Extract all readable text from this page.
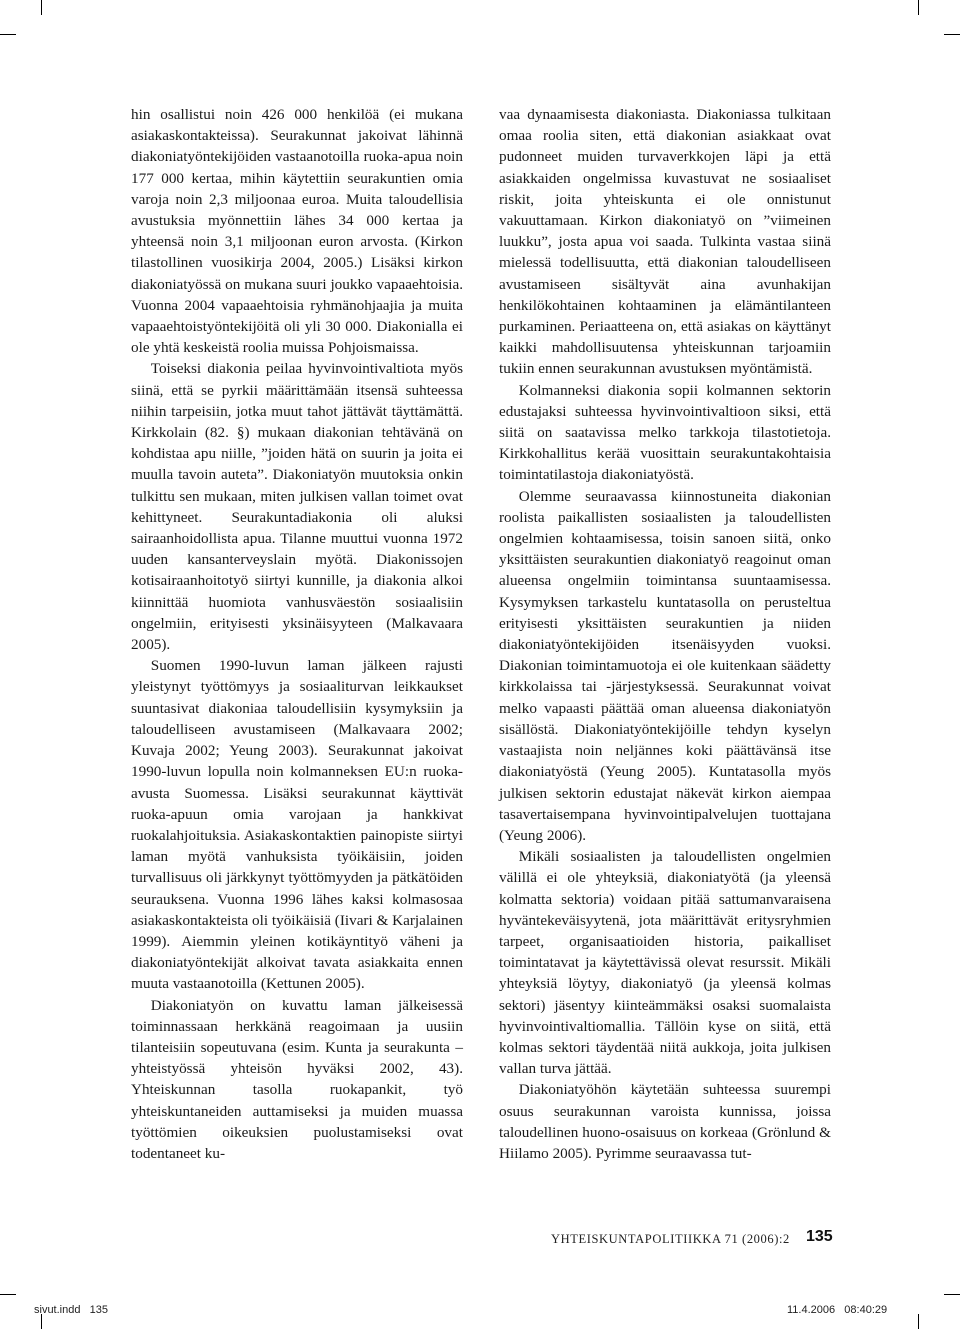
hin osallistui noin 426 000 henkilöä (ei mukana asiakaskontakteissa). Seurakunnat jakoivat lähinnä diakoniatyöntekijöiden vastaanotoilla ruoka-apua noin 177 000 kertaa, mihin käytettiin seurakuntien omia varoja noin 2,3 miljoonaa euroa. Muita taloudellisia avustuksia myönnettiin lähes 34 000 kertaa ja yhteensä noin 3,1 miljoonan euron arvosta. (Kirkon tilastollinen vuosikirja 2004, 2005.) Lisäksi kirkon diakoniatyössä on mukana suuri joukko vapaaehtoisia. Vuonna 2004 vapaaehtoisia ryhmänohjaajia ja muita vapaaehtoistyöntekijöitä oli yli 30 000. Diakonialla ei ole yhtä keskeistä roolia muissa Pohjoismaissa.

Toiseksi diakonia peilaa hyvinvointivaltiota myös siinä, että se pyrkii määrittämään itsensä suhteessa niihin tarpeisiin, jotka muut tahot jättävät täyttämättä. Kirkkolain (82. §) mukaan diakonian tehtävänä on kohdistaa apu niille, ”joiden hätä on suurin ja joita ei muulla tavoin auteta”. Diakoniatyön muutoksia onkin tulkittu sen mukaan, miten julkisen vallan toimet ovat kehittyneet. Seurakuntadiakonia oli aluksi sairaanhoidollista apua. Tilanne muuttui vuonna 1972 uuden kansanterveyslain myötä. Diakonissojen kotisairaanhoitotyö siirtyi kunnille, ja diakonia alkoi kiinnittää huomiota vanhusväestön sosiaalisiin ongelmiin, erityisesti yksinäisyyteen (Malkavaara 2005).

Suomen 1990-luvun laman jälkeen rajusti yleistynyt työttömyys ja sosiaaliturvan leikkaukset suuntasivat diakoniaa taloudellisiin kysymyksiin ja taloudelliseen avustamiseen (Malkavaara 2002; Kuvaja 2002; Yeung 2003). Seurakunnat jakoivat 1990-luvun lopulla noin kolmanneksen EU:n ruoka-avusta Suomessa. Lisäksi seurakunnat käyttivät ruoka-apuun omia varojaan ja hankkivat ruokalahjoituksia. Asiakaskontaktien painopiste siirtyi laman myötä vanhuksista työikäisiin, joiden turvallisuus oli järkkynyt työttömyyden ja pätkätöiden seurauksena. Vuonna 1996 lähes kaksi kolmasosaa asiakaskontakteista oli työikäisiä (Iivari & Karjalainen 1999). Aiemmin yleinen kotikäyntityö väheni ja diakoniatyöntekijät alkoivat tavata asiakkaita ennen muuta vastaanotoilla (Kettunen 2005).

Diakoniatyön on kuvattu laman jälkeisessä toiminnassaan herkkänä reagoimaan ja uusiin tilanteisiin sopeutuvana (esim. Kunta ja seurakunta – yhteistyössä yhteisön hyväksi 2002, 43). Yhteiskunnan tasolla ruokapankit, työ yhteiskuntaneiden auttamiseksi ja muiden muassa työttömien oikeuksien puolustamiseksi ovat todentaneet ku-

vaa dynaamisesta diakoniasta. Diakoniassa tulkitaan omaa roolia siten, että diakonian asiakkaat ovat pudonneet muiden turvaverkkojen läpi ja että asiakkaiden ongelmissa kuvastuvat ne sosiaaliset riskit, joita yhteiskunta ei ole onnistunut vakuuttamaan. Kirkon diakoniatyö on ”viimeinen luukku”, josta apua voi saada. Tulkinta vastaa siinä mielessä todellisuutta, että diakonian taloudelliseen avustamiseen sisältyvät aina avunhakijan henkilökohtainen kohtaaminen ja elämäntilanteen purkaminen. Periaatteena on, että asiakas on käyttänyt kaikki mahdollisuutensa yhteiskunnan tarjoamiin tukiin ennen seurakunnan avustuksen myöntämistä.

Kolmanneksi diakonia sopii kolmannen sektorin edustajaksi suhteessa hyvinvointivaltioon siksi, että siitä on saatavissa melko tarkkoja tilastotietoja. Kirkkohallitus kerää vuosittain seurakuntakohtaisia toimintatilastoja diakoniatyöstä.

Olemme seuraavassa kiinnostuneita diakonian roolista paikallisten sosiaalisten ja taloudellisten ongelmien kohtaamisessa, toisin sanoen siitä, onko yksittäisten seurakuntien diakoniatyö reagoinut oman alueensa ongelmiin toimintansa suuntaamisessa. Kysymyksen tarkastelu kuntatasolla on perusteltua erityisesti yksittäisten seurakuntien ja niiden diakoniatyöntekijöiden itsenäisyyden vuoksi. Diakonian toimintamuotoja ei ole kuitenkaan säädetty kirkkolaissa tai -järjestyksessä. Seurakunnat voivat melko vapaasti päättää oman alueensa diakoniatyön sisällöstä. Diakoniatyöntekijöille tehdyn kyselyn vastaajista noin neljännes koki päättävänsä itse diakoniatyöstä (Yeung 2005). Kuntatasolla myös julkisen sektorin edustajat näkevät kirkon aiempaa tasavertaisempana hyvinvointipalvelujen tuottajana (Yeung 2006).

Mikäli sosiaalisten ja taloudellisten ongelmien välillä ei ole yhteyksiä, diakoniatyötä (ja yleensä kolmatta sektoria) voidaan pitää sattumanvaraisena hyväntekeväisyytenä, jota määrittävät eritysryhmien tarpeet, organisaatioiden historia, paikalliset toimintatavat ja käytettävissä olevat resurssit. Mikäli yhteyksiä löytyy, diakoniatyö (ja yleensä kolmas sektori) jäsentyy kiinteämmäksi osaksi suomalaista hyvinvointivaltiomallia. Tällöin kyse on siitä, että kolmas sektori täydentää niitä aukkoja, joita julkisen vallan turva jättää.

Diakoniatyöhön käytetään suhteessa suurempi osuus seurakunnan varoista kunnissa, joissa taloudellinen huono-osaisuus on korkeaa (Grönlund & Hiilamo 2005). Pyrimme seuraavassa tut-

YHTEISKUNTAPOLITIIKKA 71 (2006):2 135
sivut.indd   135	11.4.2006   08:40:29
